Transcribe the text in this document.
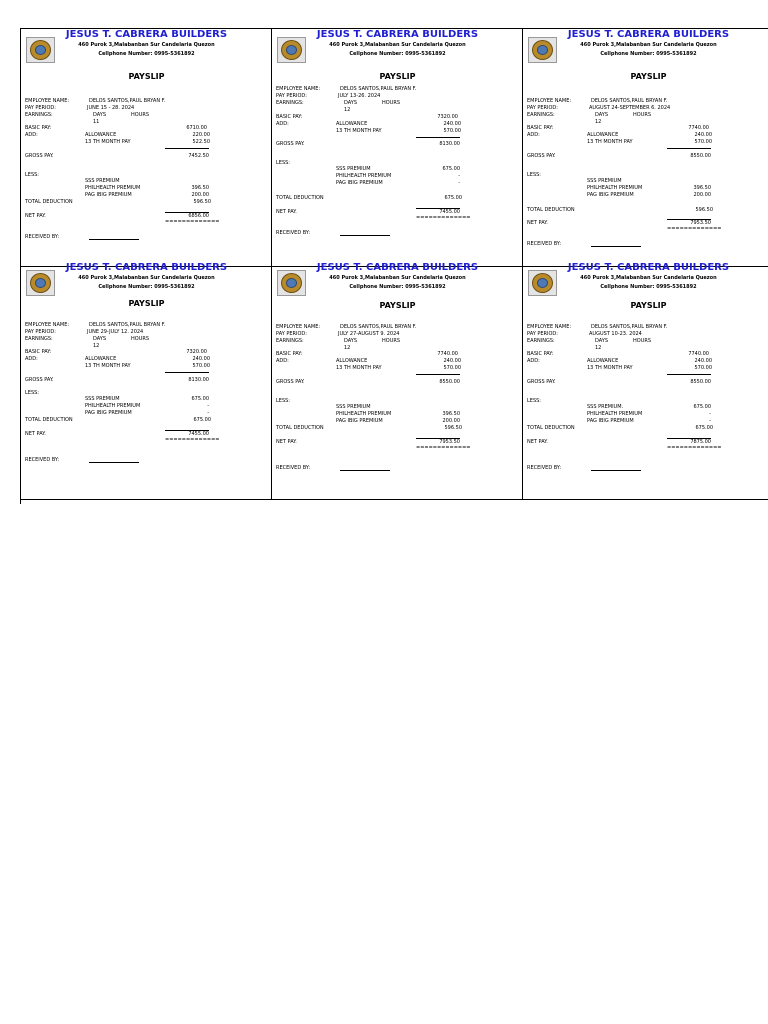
JESUS T. CABRERA BUILDERS
460 Purok 3,Malabanban Sur Candelaria Quezon
Cellphone Number: 0995-5361892
PAYSLIP
EMPLOYEE NAME:	DELOS SANTOS,PAUL BRYAN F.
PAY PERIOD:	JUNE 15 - 28. 2024
EARNINGS:	DAYS	HOURS
11
BASIC PAY:	6710.00
ADD:	ALLOWANCE	220.00
13 TH MONTH PAY	522.50
GROSS PAY.	7452.50
LESS:
SSS PREMIUM
PHILHEALTH PREMIUM	396.50
PAG IBIG PREMIUM	200.00
TOTAL DEDUCTION	596.50
NET PAY.	6856.00
=============
RECEIVED BY:
JESUS T. CABRERA BUILDERS
460 Purok 3,Malabanban Sur Candelaria Quezon
Cellphone Number: 0995-5361892
PAYSLIP
EMPLOYEE NAME:	DELOS SANTOS,PAUL BRYAN F.
PAY PERIOD:	JULY 13-26. 2024
EARNINGS:	DAYS	HOURS
12
BASIC PAY:	7320.00
ADD:	ALLOWANCE	240.00
13 TH MONTH PAY	570.00
GROSS PAY.	8130.00
LESS:
SSS PREMIUM	675.00
PHILHEALTH PREMIUM	-
PAG IBIG PREMIUM	-
TOTAL DEDUCTION	675.00
NET PAY.	7455.00
=============
RECEIVED BY:
JESUS T. CABRERA BUILDERS
460 Purok 3,Malabanban Sur Candelaria Quezon
Cellphone Number: 0995-5361892
PAYSLIP
EMPLOYEE NAME:	DELOS SANTOS,PAUL BRYAN F.
PAY PERIOD:	AUGUST 24-SEPTEMBER 6. 2024
EARNINGS:	DAYS	HOURS
12
BASIC PAY:	7740.00
ADD:	ALLOWANCE	240.00
13 TH MONTH PAY	570.00
GROSS PAY.	8550.00
LESS:
SSS PREMIUM
PHILHEALTH PREMIUM	396.50
PAG IBIG PREMIUM	200.00
TOTAL DEDUCTION	596.50
NET PAY.	7953.50
=============
RECEIVED BY:
JESUS T. CABRERA BUILDERS
460 Purok 3,Malabanban Sur Candelaria Quezon
Cellphone Number: 0995-5361892
PAYSLIP
EMPLOYEE NAME:	DELOS SANTOS,PAUL BRYAN F.
PAY PERIOD:	JUNE 29-JULY 12. 2024
EARNINGS:	DAYS	HOURS
12
BASIC PAY:	7320.00
ADD:	ALLOWANCE	240.00
13 TH MONTH PAY	570.00
GROSS PAY.	8130.00
LESS:
SSS PREMIUM	675.00
PHILHEALTH PREMIUM	-
PAG IBIG PREMIUM	-
TOTAL DEDUCTION	675.00
NET PAY.	7455.00
=============
RECEIVED BY:
JESUS T. CABRERA BUILDERS
460 Purok 3,Malabanban Sur Candelaria Quezon
Cellphone Number: 0995-5361892
PAYSLIP
EMPLOYEE NAME:	DELOS SANTOS,PAUL BRYAN F.
PAY PERIOD:	JULY 27-AUGUST 9. 2024
EARNINGS:	DAYS	HOURS
12
BASIC PAY:	7740.00
ADD:	ALLOWANCE	240.00
13 TH MONTH PAY	570.00
GROSS PAY.	8550.00
LESS:
SSS PREMIUM
PHILHEALTH PREMIUM	396.50
PAG IBIG PREMIUM	200.00
TOTAL DEDUCTION	596.50
NET PAY.	7953.50
=============
RECEIVED BY:
JESUS T. CABRERA BUILDERS
460 Purok 3,Malabanban Sur Candelaria Quezon
Cellphone Number: 0995-5361892
PAYSLIP
EMPLOYEE NAME:	DELOS SANTOS,PAUL BRYAN F.
PAY PERIOD:	AUGUST 10-23. 2024
EARNINGS:	DAYS	HOURS
12
BASIC PAY:	7740.00
ADD:	ALLOWANCE	240.00
13 TH MONTH PAY	570.00
GROSS PAY.	8550.00
LESS:
SSS PREMIUM.	675.00
PHILHEALTH PREMIUM	-
PAG IBIG PREMIUM	-
TOTAL DEDUCTION	675.00
NET PAY.	7875.00
=============
RECEIVED BY:
